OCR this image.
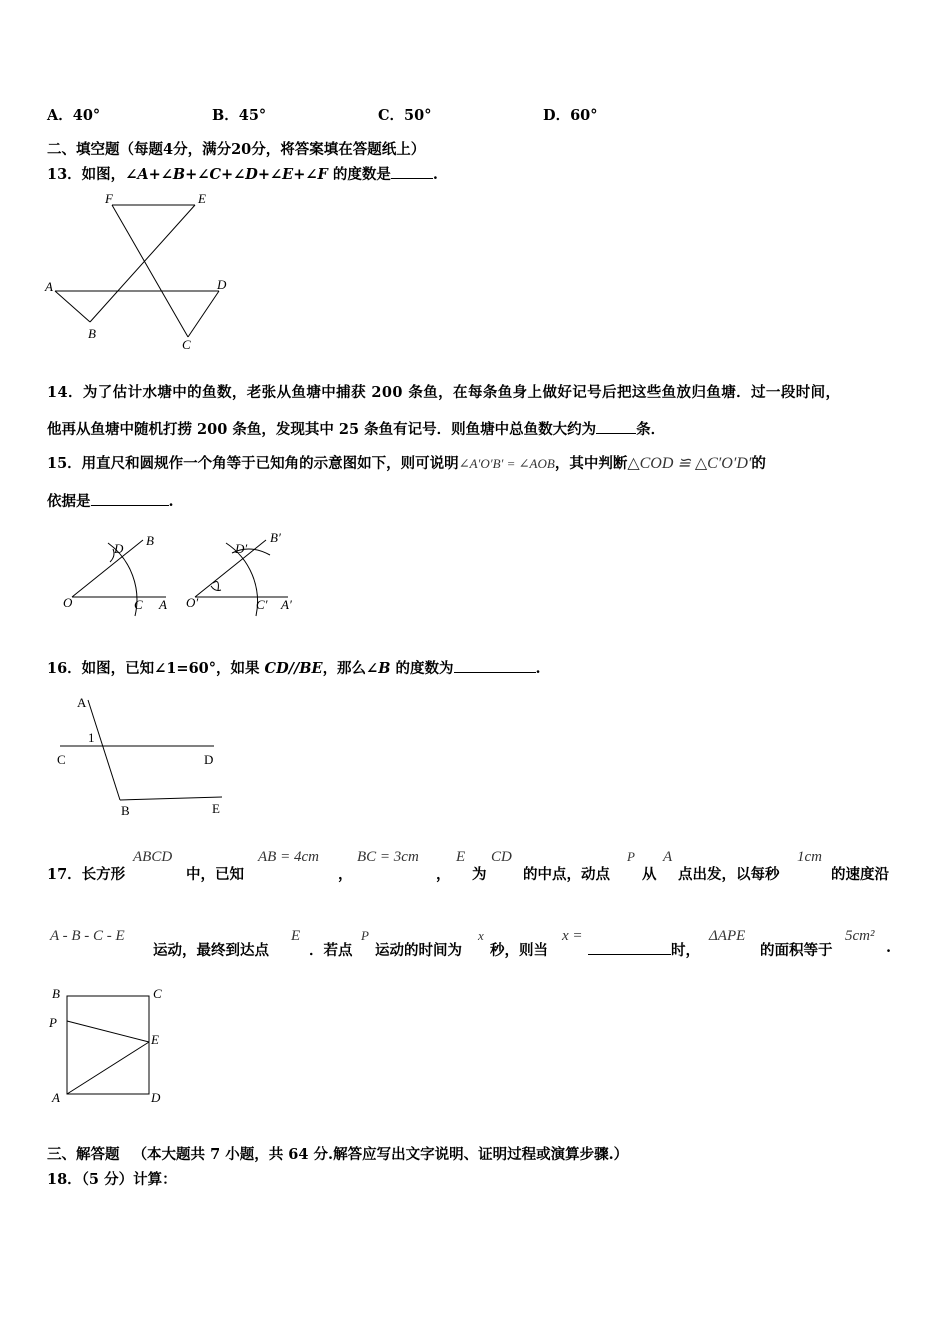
A．40°	B．45°	C．50°	D．60°
二、填空题（每题4分，满分20分，将答案填在答题纸上）
13．如图，∠A+∠B+∠C+∠D+∠E+∠F 的度数是	.
F	E
A	D
B
C
O	C A
D
B
O′	C′ A′
D′
B′
A
1
C	D
B	E
B	C
P
E
A	D
14．为了估计水塘中的鱼数，老张从鱼塘中捕获 200 条鱼，在每条鱼身上做好记号后把这些鱼放归鱼塘．过一段时间，
他再从鱼塘中随机打捞 200 条鱼，发现其中 25 条鱼有记号．则鱼塘中总鱼数大约为	条．
15．用直尺和圆规作一个角等于已知角的示意图如下，则可说明∠A′O′B′ = ∠AOB，其中判断△COD ≌ △C′O′D′的
依据是	.
16．如图，已知∠1=60°，如果 CD//BE，那么∠B 的度数为	.
17．长方形
ABCD
中，已知
AB = 4cm
，
BC = 3cm
，
E
为
CD
的中点，动点
P
从
A
点出发，以每秒
1cm
的速度沿
A - B - C - E
运动，最终到达点
E
．若点
P
运动的时间为
x
秒，则当
x =
时，
ΔAPE
的面积等于
5cm²
.
三、解答题 （本大题共 7 小题，共 64 分.解答应写出文字说明、证明过程或演算步骤.）
18．（5 分）计算：
